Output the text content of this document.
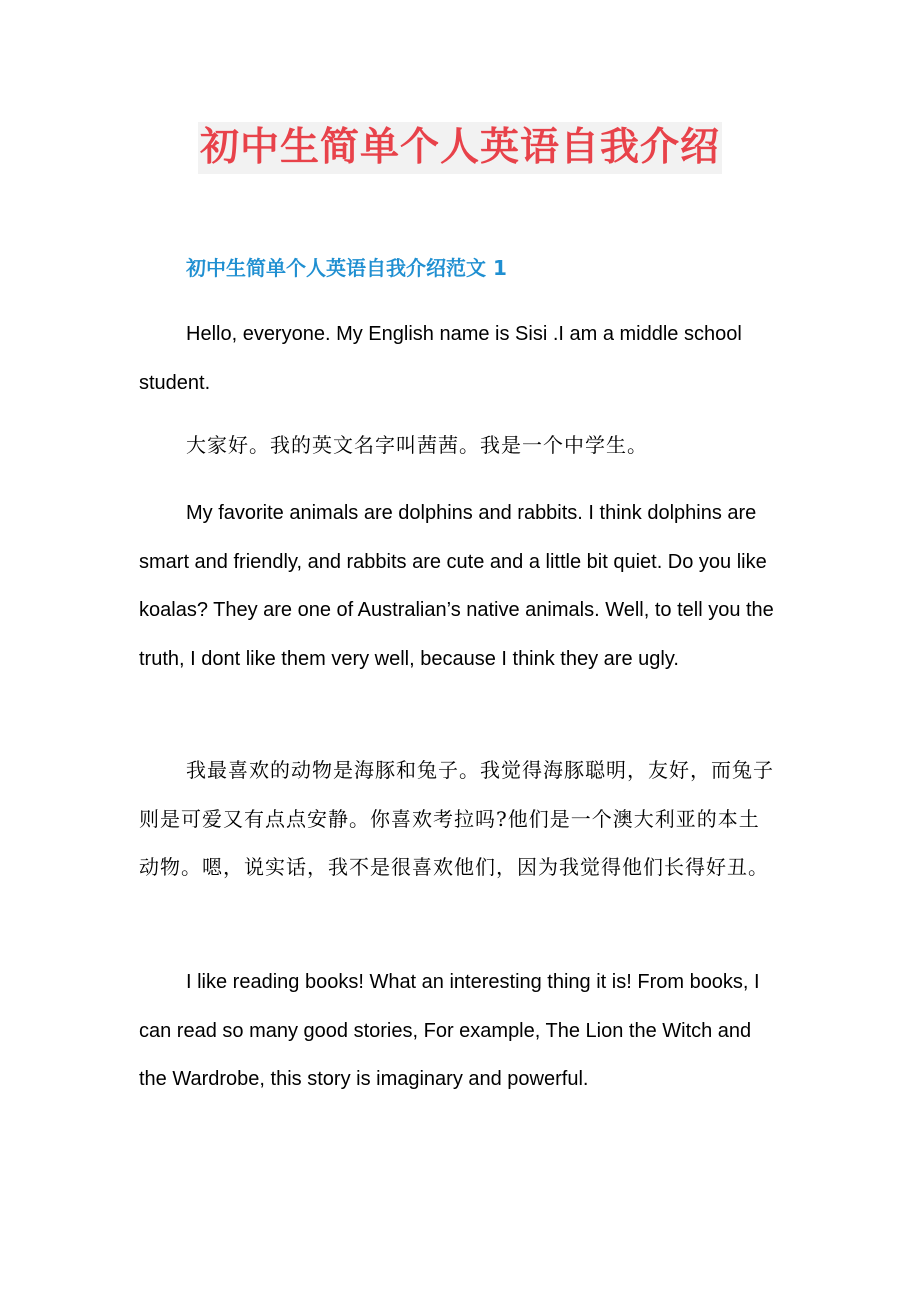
初中生简单个人英语自我介绍
初中生简单个人英语自我介绍范文 1

Hello, everyone. My English name is Sisi .I am a middle school student.

大家好。我的英文名字叫茜茜。我是一个中学生。

My favorite animals are dolphins and rabbits. I think dolphins are smart and friendly, and rabbits are cute and a little bit quiet. Do you like koalas? They are one of Australian’s native animals. Well, to tell you the truth, I dont like them very well, because I think they are ugly.

我最喜欢的动物是海豚和兔子。我觉得海豚聪明，友好，而兔子则是可爱又有点点安静。你喜欢考拉吗?他们是一个澳大利亚的本土动物。嗯，说实话，我不是很喜欢他们，因为我觉得他们长得好丑。

I like reading books! What an interesting thing it is! From books, I can read so many good stories, For example, The Lion the Witch and the Wardrobe, this story is imaginary and powerful.
